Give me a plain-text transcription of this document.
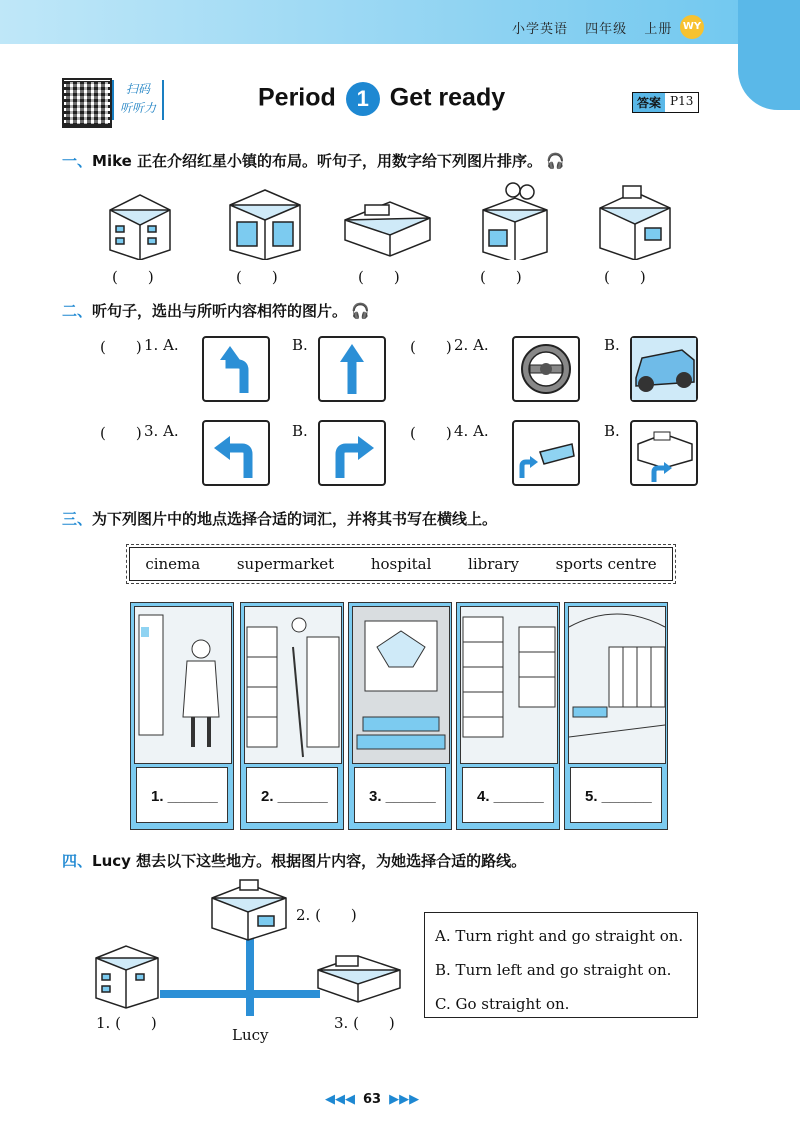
小学英语 四年级 上册	WY
扫码
听听力	Period 1 Get ready	答案 P13
一、Mike 正在介绍红星小镇的布局。听句子，用数字给下列图片排序。 🎧
(　　)	(　　)	(　　)	(　　)	(　　)
二、听句子，选出与所听内容相符的图片。 🎧
(　　) 1. A.	B.	(　　) 2. A.	B.
(　　) 3. A.	B.	(　　) 4. A.	B.
三、为下列图片中的地点选择合适的词汇，并将其书写在横线上。
cinema supermarket hospital library sports centre
1. ______	2. ______	3. ______	4. ______	5. ______
四、Lucy 想去以下这些地方。根据图片内容，为她选择合适的路线。
2. (　　)
1. (　　)	3. (　　)
Lucy
A. Turn right and go straight on.
B. Turn left and go straight on.
C. Go straight on.
◀◀◀ 63 ▶▶▶
